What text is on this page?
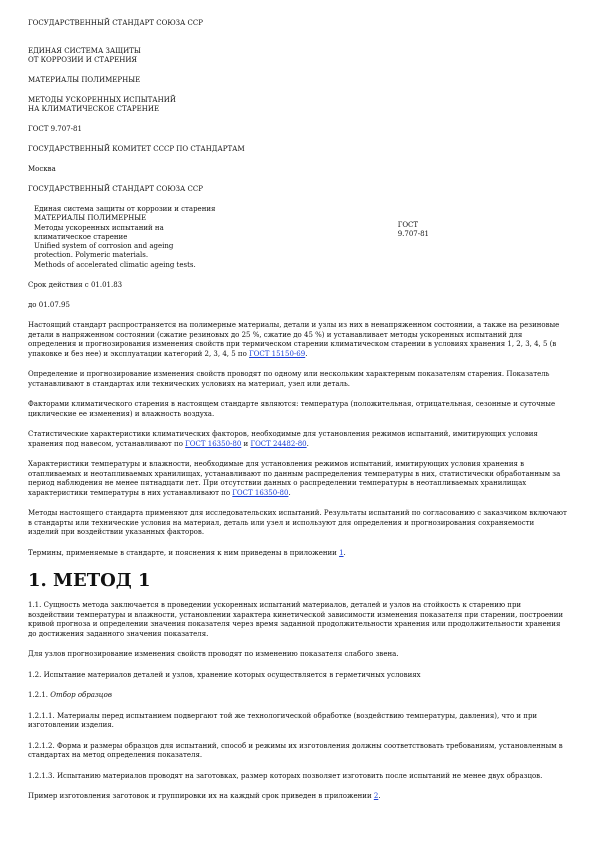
ГОСУДАРСТВЕННЫЙ СТАНДАРТ СОЮЗА ССР

ЕДИНАЯ СИСТЕМА ЗАЩИТЫ

ОТ КОРРОЗИИ И СТАРЕНИЯ

МАТЕРИАЛЫ ПОЛИМЕРНЫЕ

МЕТОДЫ УСКОРЕННЫХ ИСПЫТАНИЙ

НА КЛИМАТИЧЕСКОЕ СТАРЕНИЕ

ГОСТ 9.707-81

ГОСУДАРСТВЕННЫЙ КОМИТЕТ СССР ПО СТАНДАРТАМ

Москва

ГОСУДАРСТВЕННЫЙ СТАНДАРТ СОЮЗА ССР

Единая система защиты от коррозии и старения

МАТЕРИАЛЫ ПОЛИМЕРНЫЕ

Методы ускоренных испытаний на

климатическое старение

Unified system of corrosion and ageing

protection. Polymeric materials.

Methods of accelerated climatic ageing tests.

ГОСТ

9.707-81

Срок действия с 01.01.83

до 01.07.95

Настоящий стандарт распространяется на полимерные материалы, детали и узлы из них в ненапряженном состоянии, а также на резиновые детали в напряженном состоянии (сжатие резиновых до 25 %, сжатие до 45 %) и устанавливает методы ускоренных испытаний для определения и прогнозирования изменения свойств при термическом старении климатическом старении в условиях хранения 1, 2, 3, 4, 5 (в упаковке и без нее) и эксплуатации категорий 2, 3, 4, 5 по ГОСТ 15150-69.

Определение и прогнозирование изменения свойств проводят по одному или нескольким характерным показателям старения. Показатель устанавливают в стандартах или технических условиях на материал, узел или деталь.

Факторами климатического старения в настоящем стандарте являются: температура (положительная, отрицательная, сезонные и суточные циклические ее изменения) и влажность воздуха.

Статистические характеристики климатических факторов, необходимые для установления режимов испытаний, имитирующих условия хранения под навесом, устанавливают по ГОСТ 16350-80 и ГОСТ 24482-80.

Характеристики температуры и влажности, необходимые для установления режимов испытаний, имитирующих условия хранения в отапливаемых и неотапливаемых хранилищах, устанавливают по данным распределения температуры в них, статистически обработанным за период наблюдения не менее пятнадцати лет. При отсутствии данных о распределении температуры в неотапливаемых хранилищах характеристики температуры в них устанавливают по ГОСТ 16350-80.

Методы настоящего стандарта применяют для исследовательских испытаний. Результаты испытаний по согласованию с заказчиком включают в стандарты или технические условия на материал, деталь или узел и используют для определения и прогнозирования сохраняемости изделий при воздействии указанных факторов.

Термины, применяемые в стандарте, и пояснения к ним приведены в приложении 1.

1. МЕТОД 1

1.1. Сущность метода заключается в проведении ускоренных испытаний материалов, деталей и узлов на стойкость к старению при воздействии температуры и влажности, установлении характера кинетической зависимости изменения показателя при старении, построении кривой прогноза и определении значения показателя через время заданной продолжительности хранения или продолжительности хранения до достижения заданного значения показателя.

Для узлов прогнозирование изменения свойств проводят по изменению показателя слабого звена.

1.2. Испытание материалов деталей и узлов, хранение которых осуществляется в герметичных условиях

1.2.1. Отбор образцов

1.2.1.1. Материалы перед испытанием подвергают той же технологической обработке (воздействию температуры, давления), что и при изготовлении изделия.

1.2.1.2. Форма и размеры образцов для испытаний, способ и режимы их изготовления должны соответствовать требованиям, установленным в стандартах на метод определения показателя.

1.2.1.3. Испытанию материалов проводят на заготовках, размер которых позволяет изготовить после испытаний не менее двух образцов.

Пример изготовления заготовок и группировки их на каждый срок приведен в приложении 2.
